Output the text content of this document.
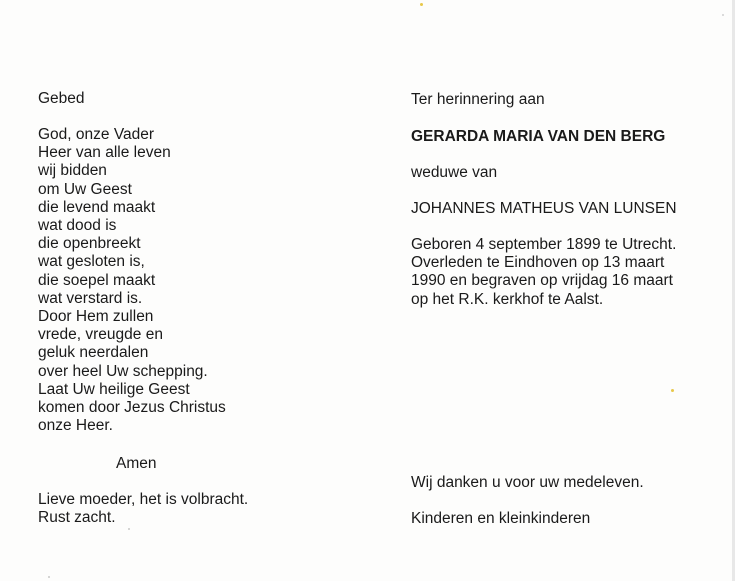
Gebed

God, onze Vader
Heer van alle leven
wij bidden
om Uw Geest
die levend maakt
wat dood is
die openbreekt
wat gesloten is,
die soepel maakt
wat verstard is.
Door Hem zullen
vrede, vreugde en
geluk neerdalen
over heel Uw schepping.
Laat Uw heilige Geest
komen door Jezus Christus
onze Heer.

Amen

Lieve moeder, het is volbracht.
Rust zacht.

Ter herinnering aan

GERARDA MARIA VAN DEN BERG

weduwe van

JOHANNES MATHEUS VAN LUNSEN

Geboren 4 september 1899 te Utrecht.
Overleden te Eindhoven op 13 maart
1990 en begraven op vrijdag 16 maart
op het R.K. kerkhof te Aalst.

Wij danken u voor uw medeleven.

Kinderen en kleinkinderen
